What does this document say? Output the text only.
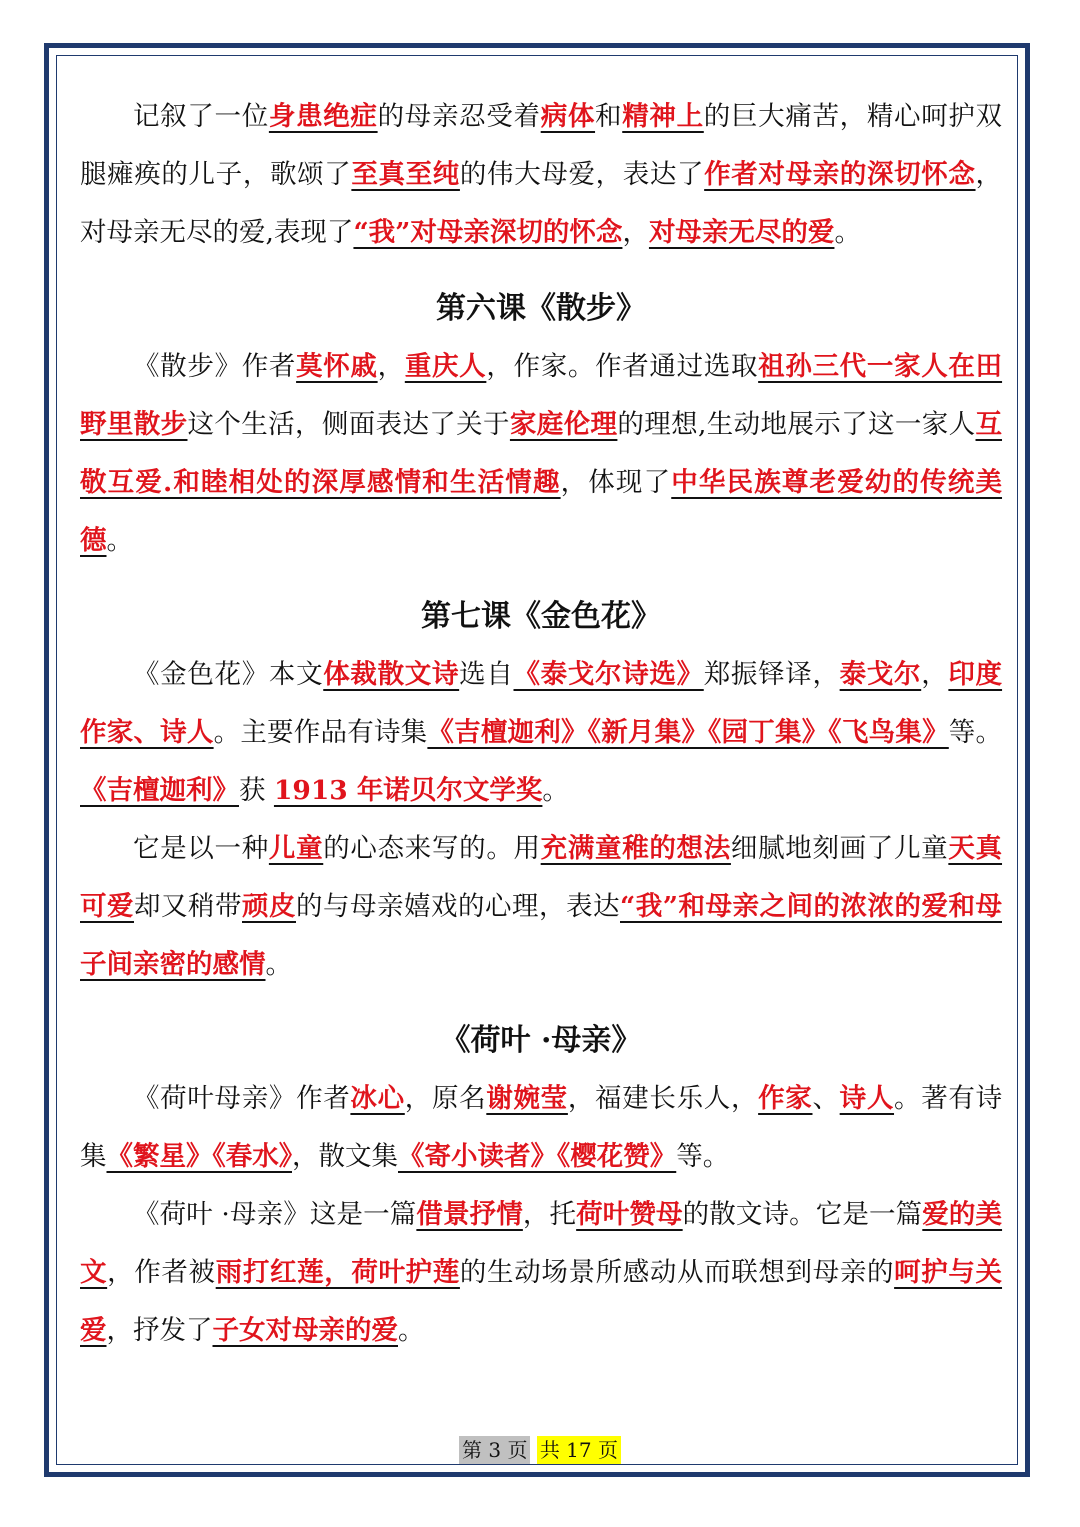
记叙了一位身患绝症的母亲忍受着病体和精神上的巨大痛苦，精心呵护双腿瘫痪的儿子，歌颂了至真至纯的伟大母爱，表达了作者对母亲的深切怀念，对母亲无尽的爱,表现了“我”对母亲深切的怀念，对母亲无尽的爱。

第六课《散步》

《散步》作者莫怀戚，重庆人，作家。作者通过选取祖孙三代一家人在田野里散步这个生活，侧面表达了关于家庭伦理的理想,生动地展示了这一家人互敬互爱.和睦相处的深厚感情和生活情趣，体现了中华民族尊老爱幼的传统美德。

第七课《金色花》

《金色花》本文体裁散文诗选自《泰戈尔诗选》郑振铎译，泰戈尔，印度作家、诗人。主要作品有诗集《吉檀迦利》《新月集》《园丁集》《飞鸟集》等。《吉檀迦利》获 1913 年诺贝尔文学奖。

它是以一种儿童的心态来写的。用充满童稚的想法细腻地刻画了儿童天真可爱却又稍带顽皮的与母亲嬉戏的心理，表达“我”和母亲之间的浓浓的爱和母子间亲密的感情。

《荷叶 ·母亲》

《荷叶母亲》作者冰心，原名谢婉莹，福建长乐人，作家、诗人。著有诗集《繁星》《春水》，散文集《寄小读者》《樱花赞》等。

《荷叶 ·母亲》这是一篇借景抒情，托荷叶赞母的散文诗。它是一篇爱的美文，作者被雨打红莲，荷叶护莲的生动场景所感动从而联想到母亲的呵护与关爱，抒发了子女对母亲的爱。

第 3 页 共 17 页
